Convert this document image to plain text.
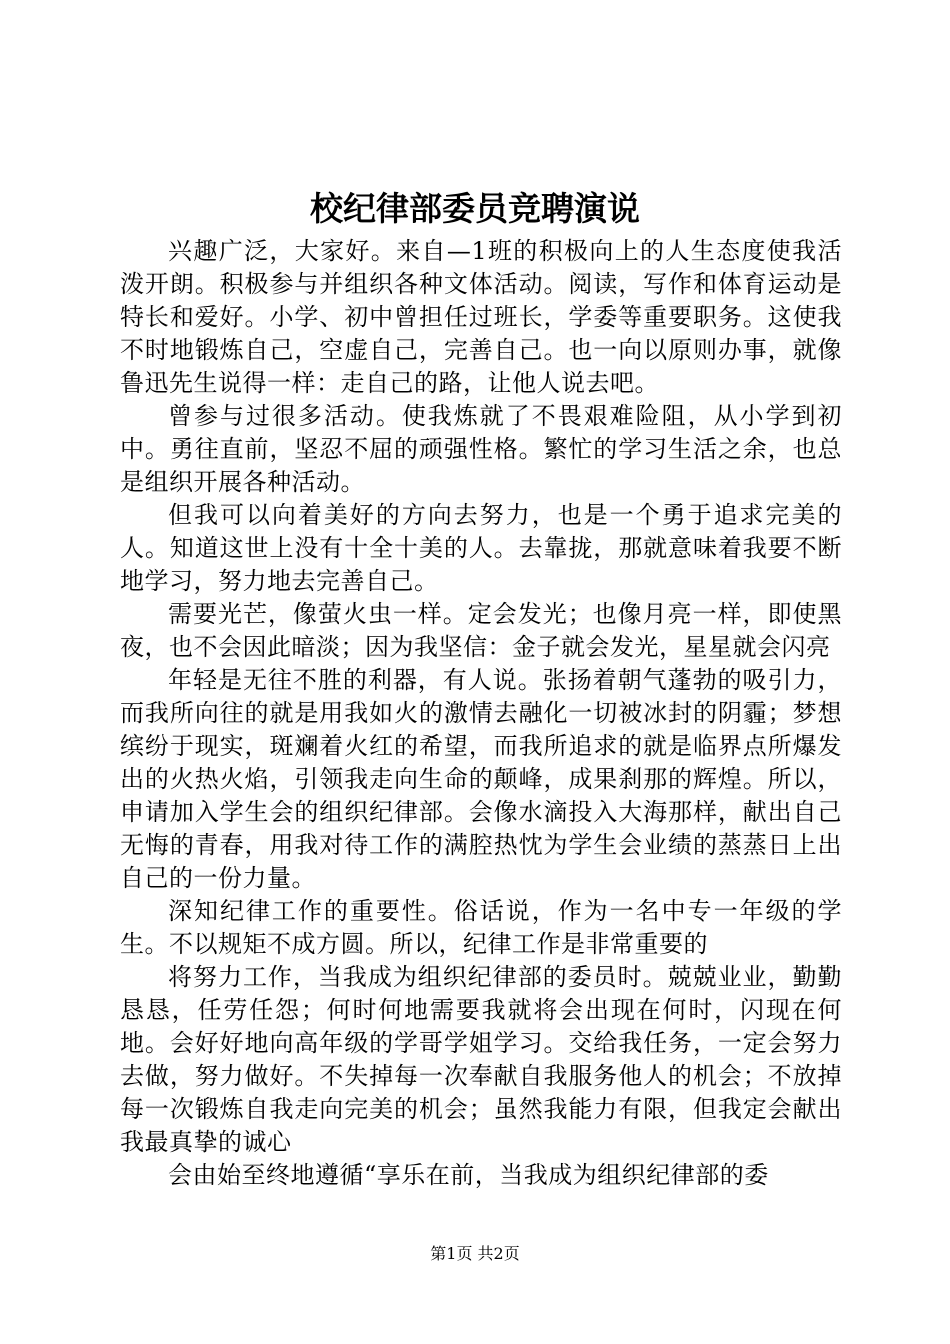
校纪律部委员竞聘演说

兴趣广泛，大家好。来自—1班的积极向上的人生态度使我活泼开朗。积极参与并组织各种文体活动。阅读，写作和体育运动是特长和爱好。小学、初中曾担任过班长，学委等重要职务。这使我不时地锻炼自己，空虚自己，完善自己。也一向以原则办事，就像鲁迅先生说得一样：走自己的路，让他人说去吧。

曾参与过很多活动。使我炼就了不畏艰难险阻，从小学到初中。勇往直前，坚忍不屈的顽强性格。繁忙的学习生活之余，也总是组织开展各种活动。

但我可以向着美好的方向去努力，也是一个勇于追求完美的人。知道这世上没有十全十美的人。去靠拢，那就意味着我要不断地学习，努力地去完善自己。

需要光芒，像萤火虫一样。定会发光；也像月亮一样，即使黑夜，也不会因此暗淡；因为我坚信：金子就会发光，星星就会闪亮

年轻是无往不胜的利器，有人说。张扬着朝气蓬勃的吸引力，而我所向往的就是用我如火的激情去融化一切被冰封的阴霾；梦想缤纷于现实，斑斓着火红的希望，而我所追求的就是临界点所爆发出的火热火焰，引领我走向生命的颠峰，成果刹那的辉煌。所以，申请加入学生会的组织纪律部。会像水滴投入大海那样，献出自己无悔的青春，用我对待工作的满腔热忱为学生会业绩的蒸蒸日上出自己的一份力量。

深知纪律工作的重要性。俗话说，作为一名中专一年级的学生。不以规矩不成方圆。所以，纪律工作是非常重要的

将努力工作，当我成为组织纪律部的委员时。兢兢业业，勤勤恳恳，任劳任怨；何时何地需要我就将会出现在何时，闪现在何地。会好好地向高年级的学哥学姐学习。交给我任务，一定会努力去做，努力做好。不失掉每一次奉献自我服务他人的机会；不放掉每一次锻炼自我走向完美的机会；虽然我能力有限，但我定会献出我最真挚的诚心

会由始至终地遵循“享乐在前，当我成为组织纪律部的委

第1页 共2页
